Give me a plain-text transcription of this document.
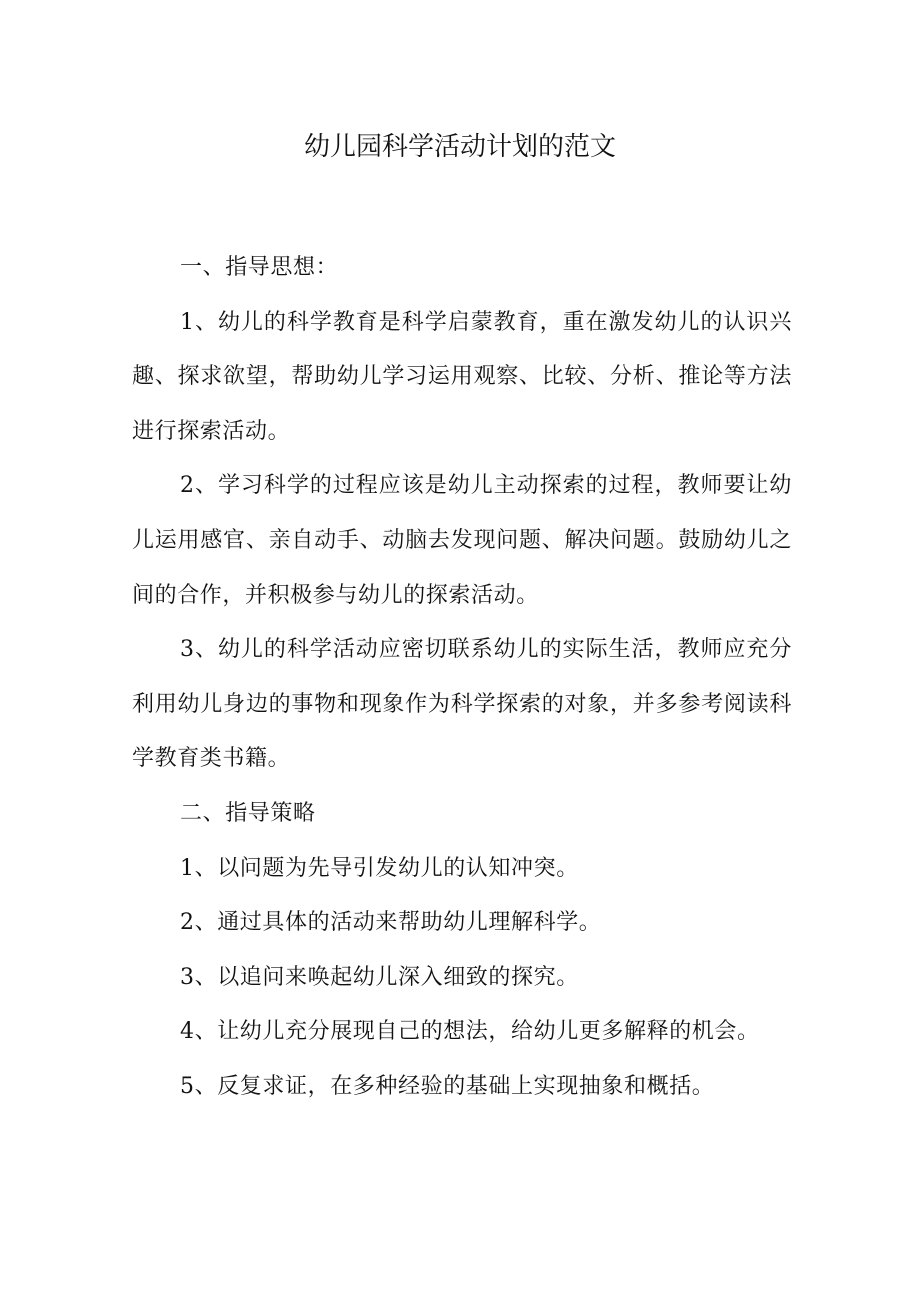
幼儿园科学活动计划的范文

一、指导思想：

1、幼儿的科学教育是科学启蒙教育，重在激发幼儿的认识兴趣、探求欲望，帮助幼儿学习运用观察、比较、分析、推论等方法进行探索活动。

2、学习科学的过程应该是幼儿主动探索的过程，教师要让幼儿运用感官、亲自动手、动脑去发现问题、解决问题。鼓励幼儿之间的合作，并积极参与幼儿的探索活动。

3、幼儿的科学活动应密切联系幼儿的实际生活，教师应充分利用幼儿身边的事物和现象作为科学探索的对象，并多参考阅读科学教育类书籍。

二、指导策略

1、以问题为先导引发幼儿的认知冲突。

2、通过具体的活动来帮助幼儿理解科学。

3、以追问来唤起幼儿深入细致的探究。

4、让幼儿充分展现自己的想法，给幼儿更多解释的机会。

5、反复求证，在多种经验的基础上实现抽象和概括。
